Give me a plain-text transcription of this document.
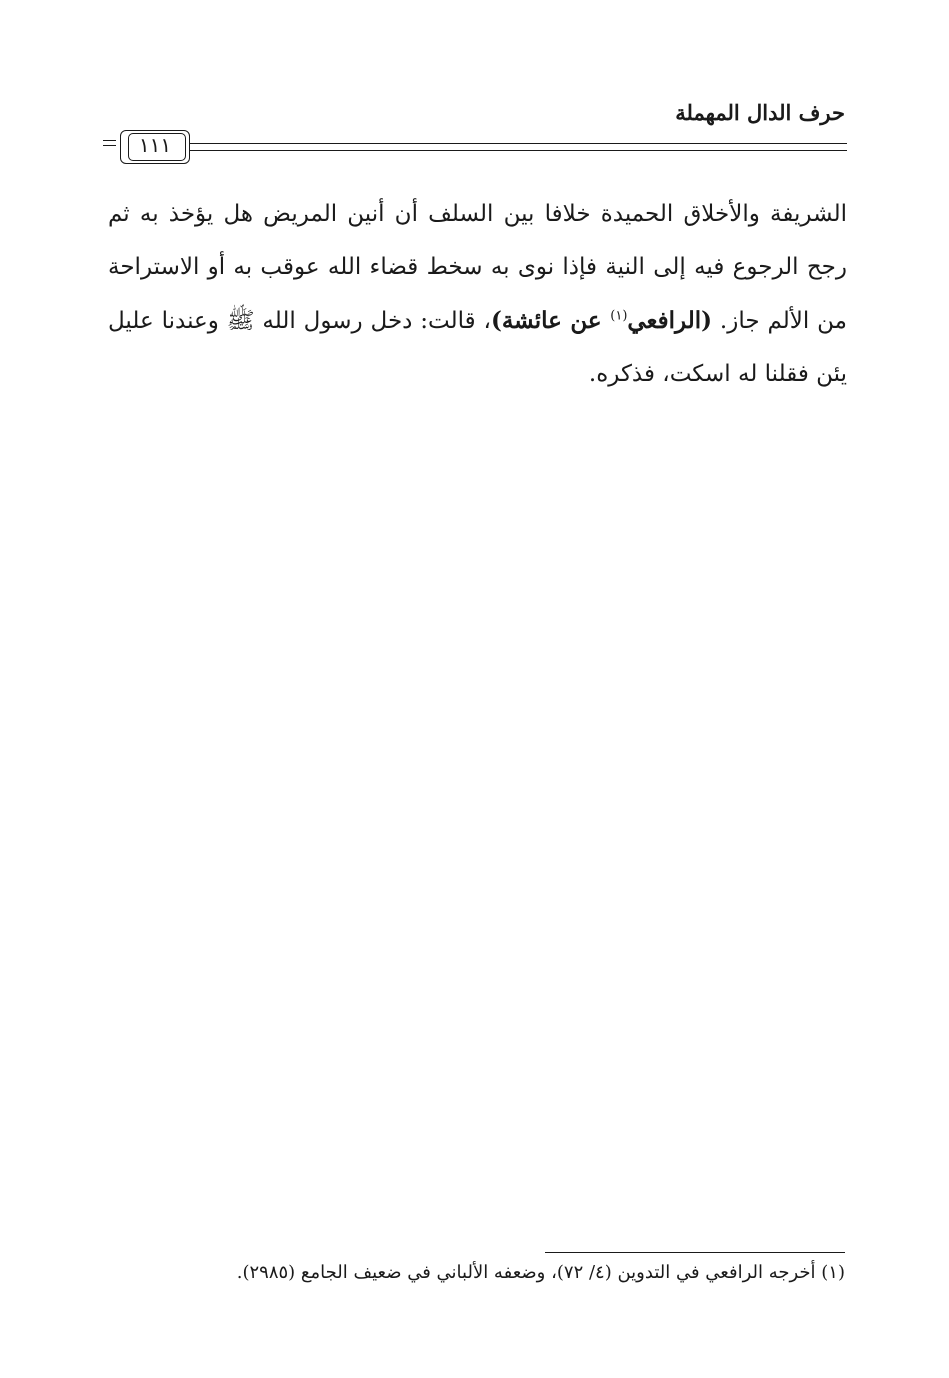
حرف الدال المهملة
١١١
الشريفة والأخلاق الحميدة خلافا بين السلف أن أنين المريض هل يؤخذ به ثم
رجح الرجوع فيه إلى النية فإذا نوى به سخط قضاء الله عوقب به أو الاستراحة
من الألم جاز. (الرافعي$^{(١)}$ عن عائشة)، قالت: دخل رسول الله ﷺ وعندنا عليل
يئن فقلنا له اسكت، فذكره.
(١) أخرجه الرافعي في التدوين (٤/ ٧٢)، وضعفه الألباني في ضعيف الجامع (٢٩٨٥).
